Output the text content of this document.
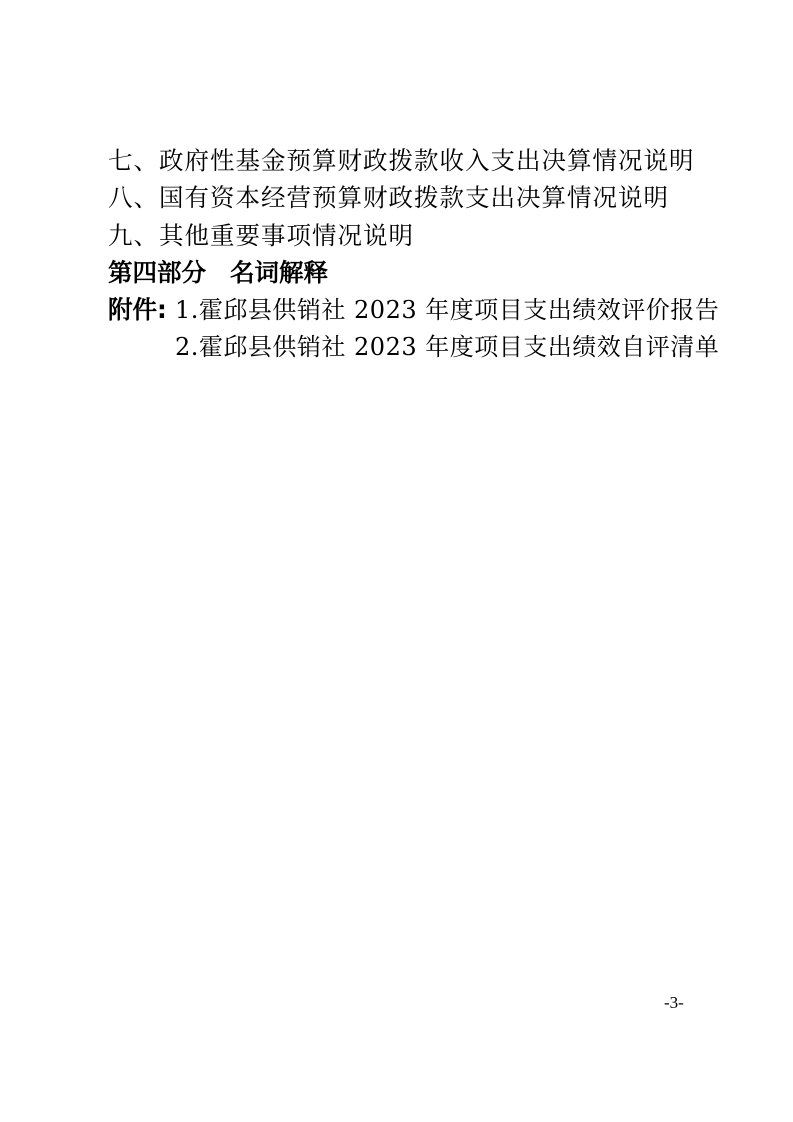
七、政府性基金预算财政拨款收入支出决算情况说明
八、国有资本经营预算财政拨款支出决算情况说明
九、其他重要事项情况说明
第四部分 名词解释
附件: 1.霍邱县供销社 2023 年度项目支出绩效评价报告
2.霍邱县供销社 2023 年度项目支出绩效自评清单
-3-
